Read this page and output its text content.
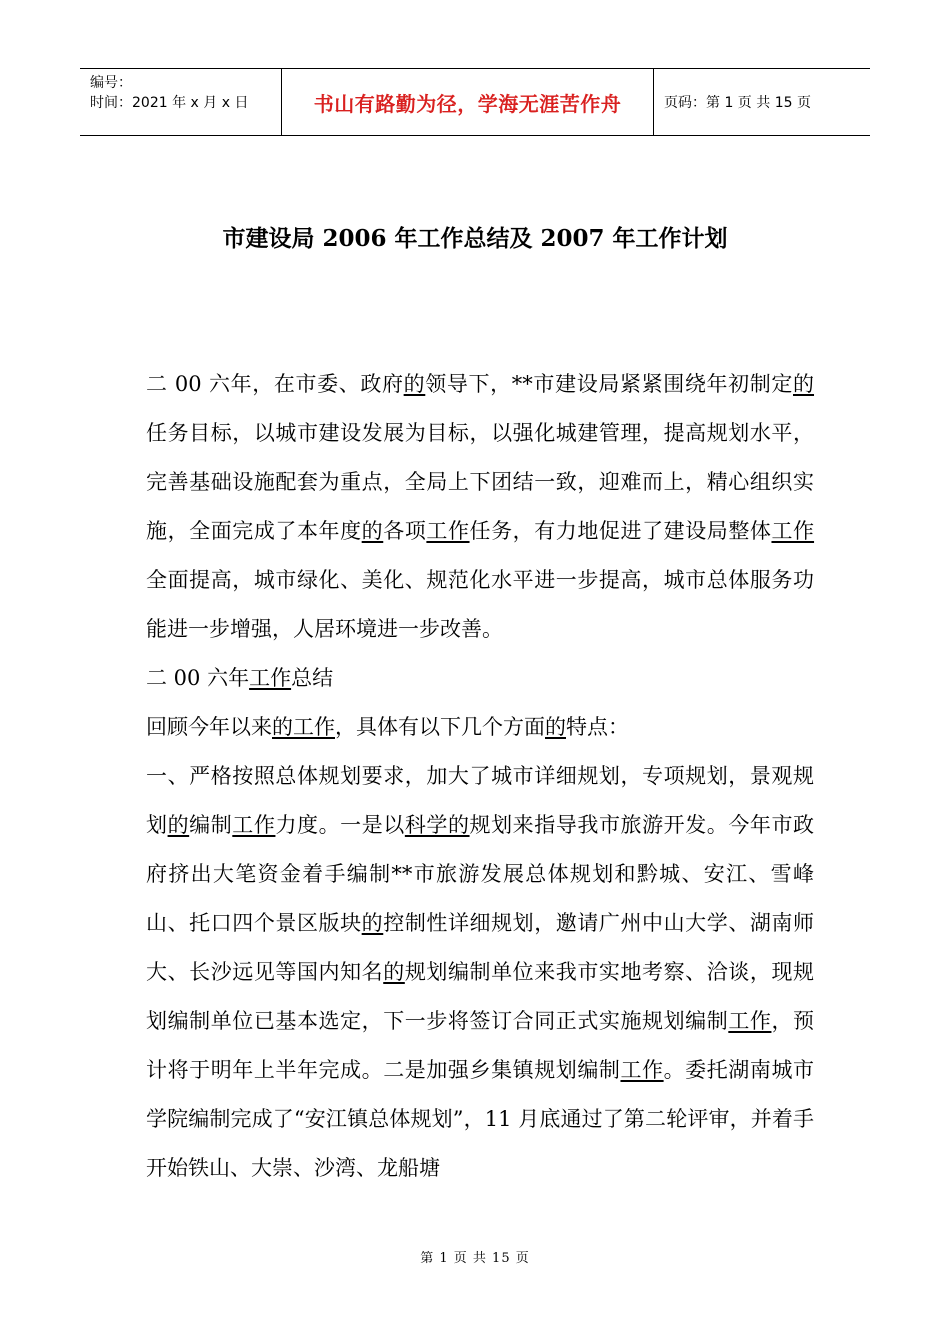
编号：
时间：2021 年 x 月 x 日	书山有路勤为径，学海无涯苦作舟	页码：第 1 页 共 15 页
市建设局 2006 年工作总结及 2007 年工作计划

二 00 六年，在市委、政府的领导下，**市建设局紧紧围绕年初制定的任务目标，以城市建设发展为目标，以强化城建管理，提高规划水平，完善基础设施配套为重点，全局上下团结一致，迎难而上，精心组织实施，全面完成了本年度的各项工作任务，有力地促进了建设局整体工作全面提高，城市绿化、美化、规范化水平进一步提高，城市总体服务功能进一步增强，人居环境进一步改善。

二 00 六年工作总结

回顾今年以来的工作，具体有以下几个方面的特点：

一、严格按照总体规划要求，加大了城市详细规划，专项规划，景观规划的编制工作力度。一是以科学的规划来指导我市旅游开发。今年市政府挤出大笔资金着手编制**市旅游发展总体规划和黔城、安江、雪峰山、托口四个景区版块的控制性详细规划，邀请广州中山大学、湖南师大、长沙远见等国内知名的规划编制单位来我市实地考察、洽谈，现规划编制单位已基本选定，下一步将签订合同正式实施规划编制工作，预计将于明年上半年完成。二是加强乡集镇规划编制工作。委托湖南城市学院编制完成了“安江镇总体规划”，11 月底通过了第二轮评审，并着手开始铁山、大崇、沙湾、龙船塘

第 1 页 共 15 页
